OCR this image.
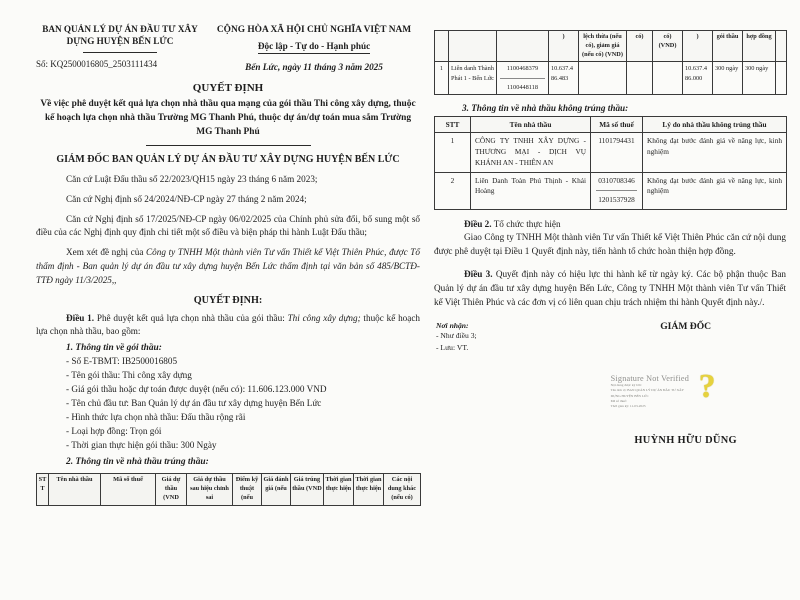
BAN QUẢN LÝ DỰ ÁN ĐẦU TƯ XÂY DỰNG HUYỆN BẾN LỨC
Số: KQ2500016805_2503111434
CỘNG HÒA XÃ HỘI CHỦ NGHĨA VIỆT NAM
Độc lập - Tự do - Hạnh phúc
Bến Lức, ngày 11 tháng 3 năm 2025
QUYẾT ĐỊNH
Về việc phê duyệt kết quả lựa chọn nhà thầu qua mạng của gói thầu Thi công xây dựng, thuộc kế hoạch lựa chọn nhà thầu Trường MG Thanh Phú, thuộc dự án/dự toán mua sắm Trường MG Thanh Phú
GIÁM ĐỐC BAN QUẢN LÝ DỰ ÁN ĐẦU TƯ XÂY DỰNG HUYỆN BẾN LỨC

Căn cứ Luật Đấu thầu số 22/2023/QH15 ngày 23 tháng 6 năm 2023;

Căn cứ Nghị định số 24/2024/NĐ-CP ngày 27 tháng 2 năm 2024;

Căn cứ Nghị định số 17/2025/NĐ-CP ngày 06/02/2025 của Chính phủ sửa đổi, bổ sung một số điều của các Nghị định quy định chi tiết một số điều và biện pháp thi hành Luật Đấu thầu;

Xem xét đề nghị của Công ty TNHH Một thành viên Tư vấn Thiết kế Việt Thiên Phúc, được Tổ thẩm định - Ban quản lý dự án đầu tư xây dựng huyện Bến Lức thẩm định tại văn bản số 485/BCTĐ-TTĐ ngày 11/3/2025,,

QUYẾT ĐỊNH:

Điều 1. Phê duyệt kết quả lựa chọn nhà thầu của gói thầu: Thi công xây dựng; thuộc kế hoạch lựa chọn nhà thầu, bao gồm:

1. Thông tin về gói thầu:
- Số E-TBMT: IB2500016805
- Tên gói thầu: Thi công xây dựng
- Giá gói thầu hoặc dự toán được duyệt (nếu có): 11.606.123.000 VND
- Tên chủ đầu tư: Ban Quản lý dự án đầu tư xây dựng huyện Bến Lức
- Hình thức lựa chọn nhà thầu: Đấu thầu rộng rãi
- Loại hợp đồng: Trọn gói
- Thời gian thực hiện gói thầu: 300 Ngày
2. Thông tin về nhà thầu trúng thầu:
STT	Tên nhà thầu	Mã số thuế	Giá dự thầu (VND	Giá dự thầu sau hiệu chỉnh sai	Điểm kỹ thuật (nếu	Giá đánh giá (nếu	Giá trúng thầu (VND	Thời gian thực hiện	Thời gian thực hiện	Các nội dung khác (nếu có)
			)	lệch thừa (nếu có), giảm giá (nếu có) (VND)	có)	có) (VND)	)	gói thầu	hợp đồng	
1	Liên danh Thành Phát 1 - Bến Lức	1100468379
1100448118	10.637.486.483				10.637.486.000	300 ngày	300 ngày	
3. Thông tin về nhà thầu không trúng thầu:
STT	Tên nhà thầu	Mã số thuế	Lý do nhà thầu không trúng thầu
1	CÔNG TY TNHH XÂY DỰNG - THƯƠNG MẠI - DỊCH VỤ KHÁNH AN - THIÊN AN	1101794431	Không đạt bước đánh giá về năng lực, kinh nghiệm
2	Liên Danh Toàn Phú Thịnh - Khải Hoàng	0310708346
1201537928	Không đạt bước đánh giá về năng lực, kinh nghiệm
Điều 2. Tổ chức thực hiện

Giao Công ty TNHH Một thành viên Tư vấn Thiết kế Việt Thiên Phúc căn cứ nội dung được phê duyệt tại Điều 1 Quyết định này, tiến hành tổ chức hoàn thiện hợp đồng.

Điều 3. Quyết định này có hiệu lực thi hành kể từ ngày ký. Các bộ phận thuộc Ban Quản lý dự án đầu tư xây dựng huyện Bến Lức, Công ty TNHH Một thành viên Tư vấn Thiết kế Việt Thiên Phúc và các đơn vị có liên quan chịu trách nhiệm thi hành Quyết định này./.

Nơi nhận:
- Như điều 3;
- Lưu: VT.
GIÁM ĐỐC
Signature Not Verified
Nội dung được ký bởi:
Tên đơn vị: BAN QUẢN LÝ DỰ ÁN ĐẦU TƯ XÂY
DỰNG HUYỆN BẾN LỨC
Mã số thuế:
Thời gian ký: 11-03-2025
?
HUỲNH HỮU DŨNG
